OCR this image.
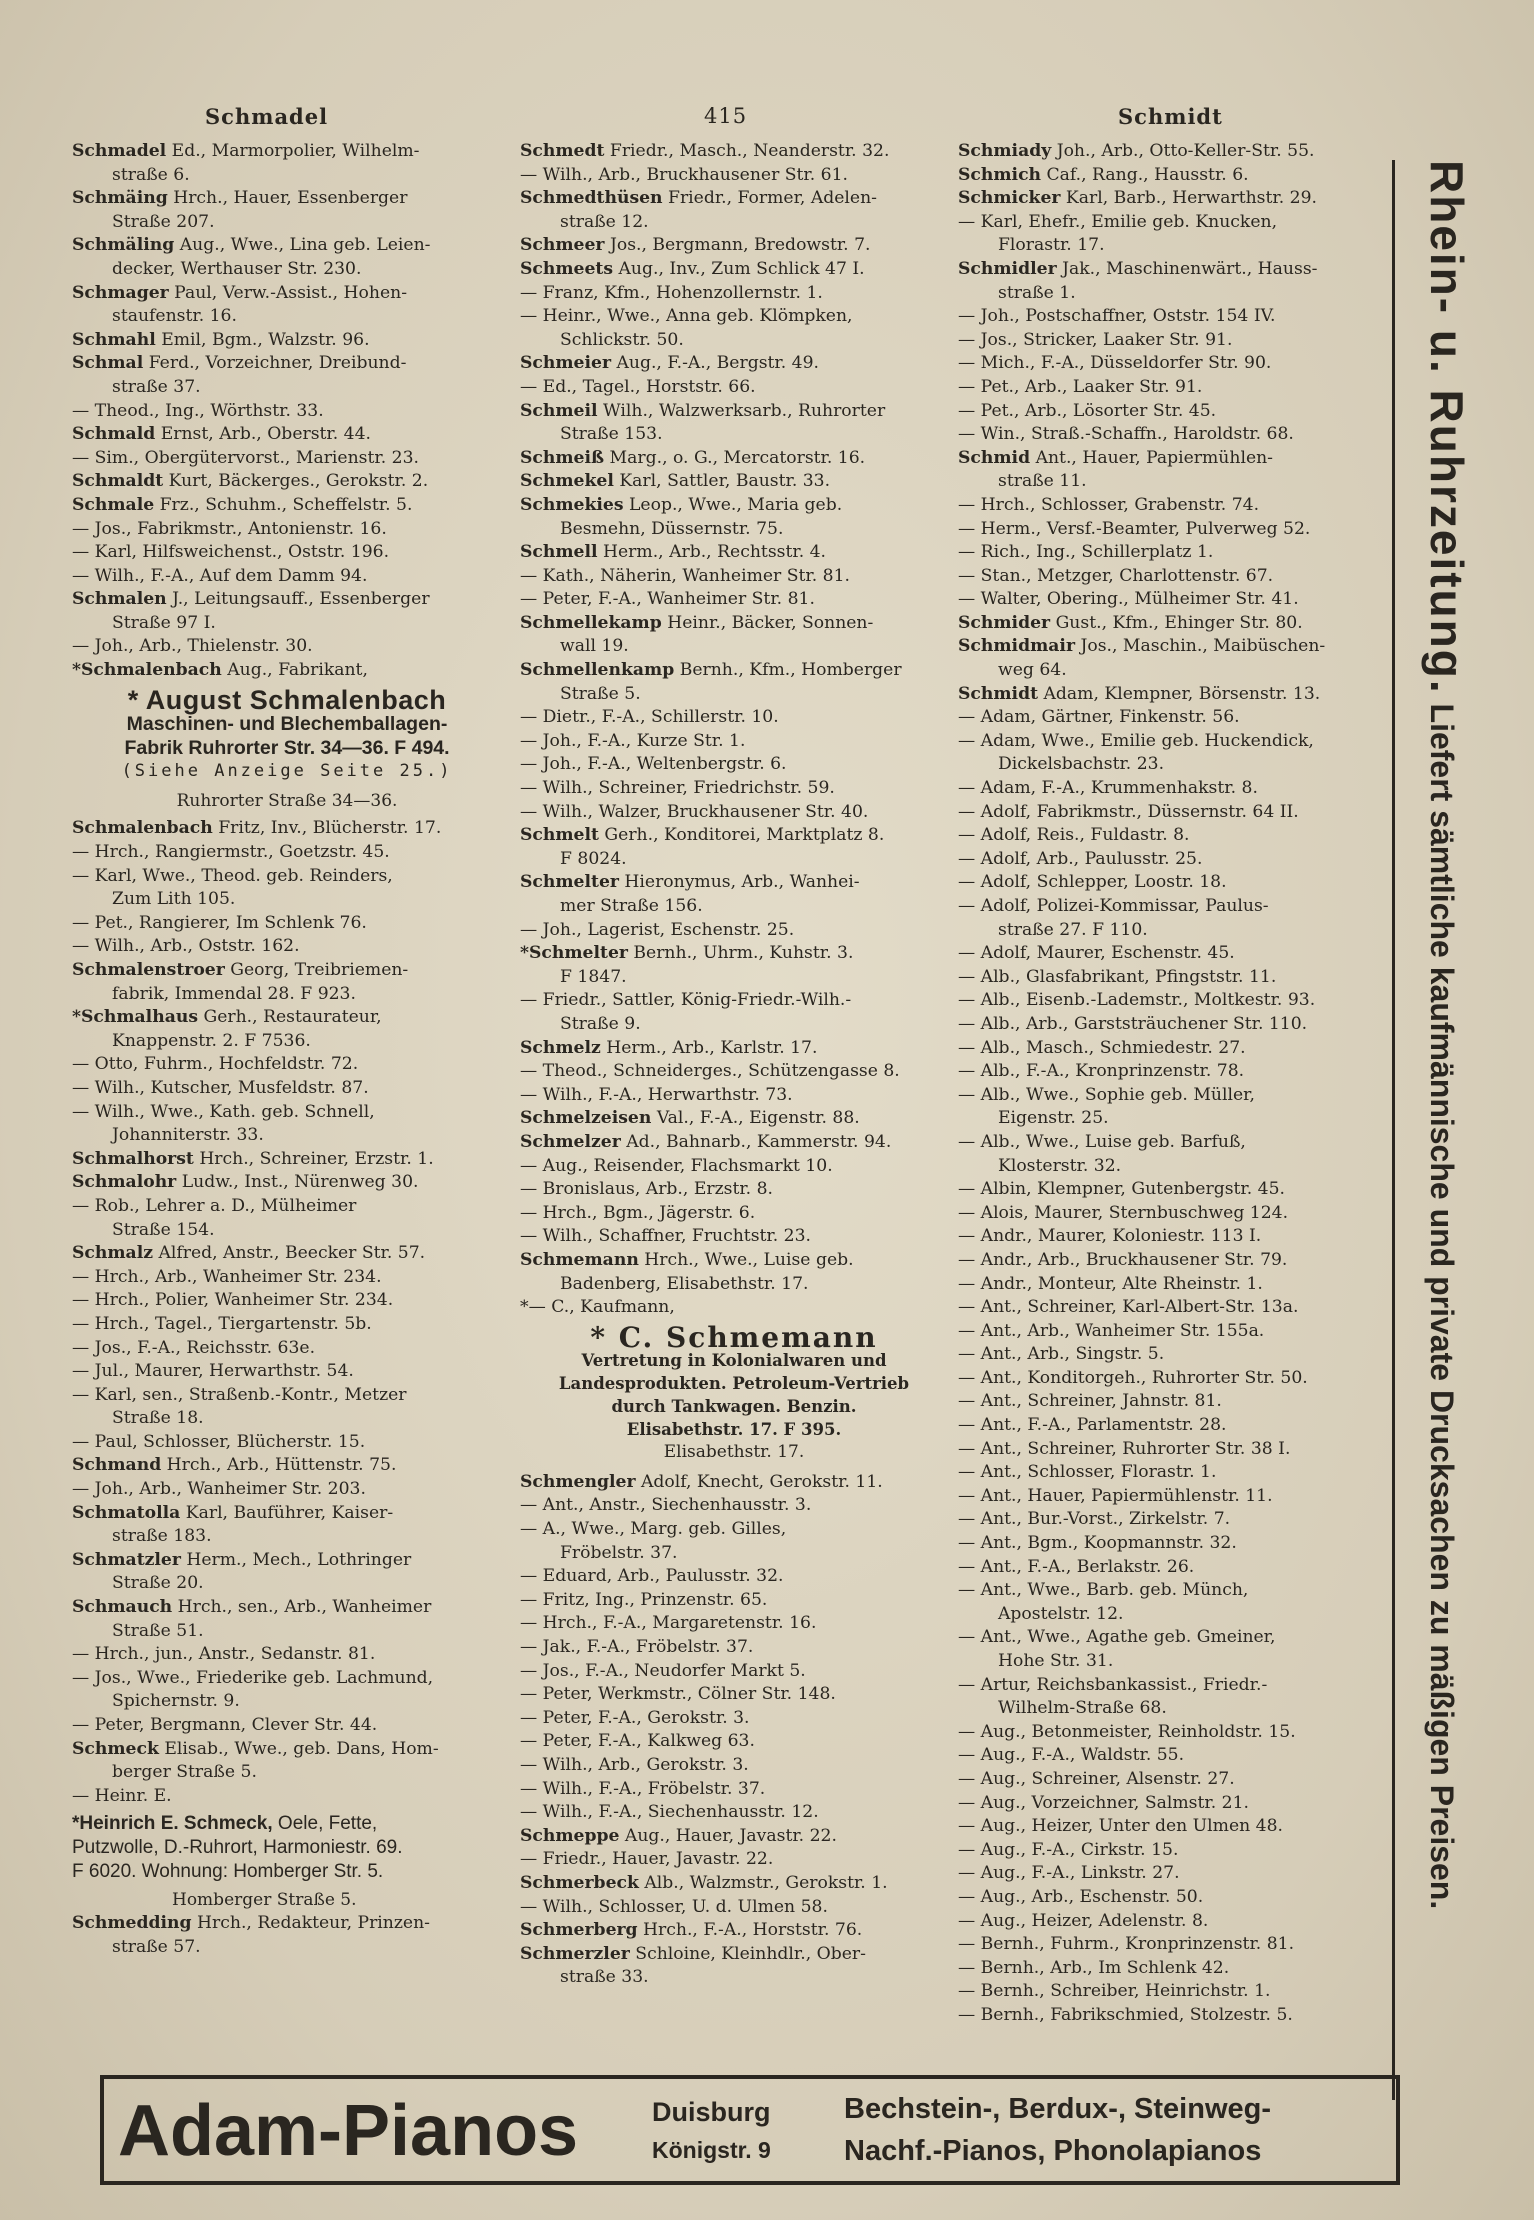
Schmadel	415	Schmidt

Schmadel Ed., Marmorpolier, Wilhelm-

straße 6.

Schmäing Hrch., Hauer, Essenberger

Straße 207.

Schmäling Aug., Wwe., Lina geb. Leien-

decker, Werthauser Str. 230.

Schmager Paul, Verw.-Assist., Hohen-

staufenstr. 16.

Schmahl Emil, Bgm., Walzstr. 96.

Schmal Ferd., Vorzeichner, Dreibund-

straße 37.

— Theod., Ing., Wörthstr. 33.

Schmald Ernst, Arb., Oberstr. 44.

— Sim., Obergütervorst., Marienstr. 23.

Schmaldt Kurt, Bäckerges., Gerokstr. 2.

Schmale Frz., Schuhm., Scheffelstr. 5.

— Jos., Fabrikmstr., Antonienstr. 16.

— Karl, Hilfsweichenst., Oststr. 196.

— Wilh., F.-A., Auf dem Damm 94.

Schmalen J., Leitungsauff., Essenberger

Straße 97 I.

— Joh., Arb., Thielenstr. 30.

*Schmalenbach Aug., Fabrikant,

* August Schmalenbach
Maschinen- und Blechemballagen-
Fabrik Ruhrorter Str. 34—36. F 494.
(Siehe Anzeige Seite 25.)
Ruhrorter Straße 34—36.

Schmalenbach Fritz, Inv., Blücherstr. 17.

— Hrch., Rangiermstr., Goetzstr. 45.

— Karl, Wwe., Theod. geb. Reinders,

Zum Lith 105.

— Pet., Rangierer, Im Schlenk 76.

— Wilh., Arb., Oststr. 162.

Schmalenstroer Georg, Treibriemen-

fabrik, Immendal 28. F 923.

*Schmalhaus Gerh., Restaurateur,

Knappenstr. 2. F 7536.

— Otto, Fuhrm., Hochfeldstr. 72.

— Wilh., Kutscher, Musfeldstr. 87.

— Wilh., Wwe., Kath. geb. Schnell,

Johanniterstr. 33.

Schmalhorst Hrch., Schreiner, Erzstr. 1.

Schmalohr Ludw., Inst., Nürenweg 30.

— Rob., Lehrer a. D., Mülheimer

Straße 154.

Schmalz Alfred, Anstr., Beecker Str. 57.

— Hrch., Arb., Wanheimer Str. 234.

— Hrch., Polier, Wanheimer Str. 234.

— Hrch., Tagel., Tiergartenstr. 5b.

— Jos., F.-A., Reichsstr. 63e.

— Jul., Maurer, Herwarthstr. 54.

— Karl, sen., Straßenb.-Kontr., Metzer

Straße 18.

— Paul, Schlosser, Blücherstr. 15.

Schmand Hrch., Arb., Hüttenstr. 75.

— Joh., Arb., Wanheimer Str. 203.

Schmatolla Karl, Bauführer, Kaiser-

straße 183.

Schmatzler Herm., Mech., Lothringer

Straße 20.

Schmauch Hrch., sen., Arb., Wanheimer

Straße 51.

— Hrch., jun., Anstr., Sedanstr. 81.

— Jos., Wwe., Friederike geb. Lachmund,

Spichernstr. 9.

— Peter, Bergmann, Clever Str. 44.

Schmeck Elisab., Wwe., geb. Dans, Hom-

berger Straße 5.

— Heinr. E.

*Heinrich E. Schmeck, Oele, Fette,
Putzwolle, D.-Ruhrort, Harmoniestr. 69.
F 6020. Wohnung: Homberger Str. 5.
Homberger Straße 5.

Schmedding Hrch., Redakteur, Prinzen-

straße 57.

Schmedt Friedr., Masch., Neanderstr. 32.

— Wilh., Arb., Bruckhausener Str. 61.

Schmedthüsen Friedr., Former, Adelen-

straße 12.

Schmeer Jos., Bergmann, Bredowstr. 7.

Schmeets Aug., Inv., Zum Schlick 47 I.

— Franz, Kfm., Hohenzollernstr. 1.

— Heinr., Wwe., Anna geb. Klömpken,

Schlickstr. 50.

Schmeier Aug., F.-A., Bergstr. 49.

— Ed., Tagel., Horststr. 66.

Schmeil Wilh., Walzwerksarb., Ruhrorter

Straße 153.

Schmeiß Marg., o. G., Mercatorstr. 16.

Schmekel Karl, Sattler, Baustr. 33.

Schmekies Leop., Wwe., Maria geb.

Besmehn, Düssernstr. 75.

Schmell Herm., Arb., Rechtsstr. 4.

— Kath., Näherin, Wanheimer Str. 81.

— Peter, F.-A., Wanheimer Str. 81.

Schmellekamp Heinr., Bäcker, Sonnen-

wall 19.

Schmellenkamp Bernh., Kfm., Homberger

Straße 5.

— Dietr., F.-A., Schillerstr. 10.

— Joh., F.-A., Kurze Str. 1.

— Joh., F.-A., Weltenbergstr. 6.

— Wilh., Schreiner, Friedrichstr. 59.

— Wilh., Walzer, Bruckhausener Str. 40.

Schmelt Gerh., Konditorei, Marktplatz 8.

F 8024.

Schmelter Hieronymus, Arb., Wanhei-

mer Straße 156.

— Joh., Lagerist, Eschenstr. 25.

*Schmelter Bernh., Uhrm., Kuhstr. 3.

F 1847.

— Friedr., Sattler, König-Friedr.-Wilh.-

Straße 9.

Schmelz Herm., Arb., Karlstr. 17.

— Theod., Schneiderges., Schützengasse 8.

— Wilh., F.-A., Herwarthstr. 73.

Schmelzeisen Val., F.-A., Eigenstr. 88.

Schmelzer Ad., Bahnarb., Kammerstr. 94.

— Aug., Reisender, Flachsmarkt 10.

— Bronislaus, Arb., Erzstr. 8.

— Hrch., Bgm., Jägerstr. 6.

— Wilh., Schaffner, Fruchtstr. 23.

Schmemann Hrch., Wwe., Luise geb.

Badenberg, Elisabethstr. 17.

*— C., Kaufmann,

* C. Schmemann
Vertretung in Kolonialwaren und
Landesprodukten. Petroleum-Vertrieb
durch Tankwagen. Benzin.
Elisabethstr. 17. F 395.
Elisabethstr. 17.

Schmengler Adolf, Knecht, Gerokstr. 11.

— Ant., Anstr., Siechenhausstr. 3.

— A., Wwe., Marg. geb. Gilles,

Fröbelstr. 37.

— Eduard, Arb., Paulusstr. 32.

— Fritz, Ing., Prinzenstr. 65.

— Hrch., F.-A., Margaretenstr. 16.

— Jak., F.-A., Fröbelstr. 37.

— Jos., F.-A., Neudorfer Markt 5.

— Peter, Werkmstr., Cölner Str. 148.

— Peter, F.-A., Gerokstr. 3.

— Peter, F.-A., Kalkweg 63.

— Wilh., Arb., Gerokstr. 3.

— Wilh., F.-A., Fröbelstr. 37.

— Wilh., F.-A., Siechenhausstr. 12.

Schmeppe Aug., Hauer, Javastr. 22.

— Friedr., Hauer, Javastr. 22.

Schmerbeck Alb., Walzmstr., Gerokstr. 1.

— Wilh., Schlosser, U. d. Ulmen 58.

Schmerberg Hrch., F.-A., Horststr. 76.

Schmerzler Schloine, Kleinhdlr., Ober-

straße 33.

Schmiady Joh., Arb., Otto-Keller-Str. 55.

Schmich Caf., Rang., Hausstr. 6.

Schmicker Karl, Barb., Herwarthstr. 29.

— Karl, Ehefr., Emilie geb. Knucken,

Florastr. 17.

Schmidler Jak., Maschinenwärt., Hauss-

straße 1.

— Joh., Postschaffner, Oststr. 154 IV.

— Jos., Stricker, Laaker Str. 91.

— Mich., F.-A., Düsseldorfer Str. 90.

— Pet., Arb., Laaker Str. 91.

— Pet., Arb., Lösorter Str. 45.

— Win., Straß.-Schaffn., Haroldstr. 68.

Schmid Ant., Hauer, Papiermühlen-

straße 11.

— Hrch., Schlosser, Grabenstr. 74.

— Herm., Versf.-Beamter, Pulverweg 52.

— Rich., Ing., Schillerplatz 1.

— Stan., Metzger, Charlottenstr. 67.

— Walter, Obering., Mülheimer Str. 41.

Schmider Gust., Kfm., Ehinger Str. 80.

Schmidmair Jos., Maschin., Maibüschen-

weg 64.

Schmidt Adam, Klempner, Börsenstr. 13.

— Adam, Gärtner, Finkenstr. 56.

— Adam, Wwe., Emilie geb. Huckendick,

Dickelsbachstr. 23.

— Adam, F.-A., Krummenhakstr. 8.

— Adolf, Fabrikmstr., Düssernstr. 64 II.

— Adolf, Reis., Fuldastr. 8.

— Adolf, Arb., Paulusstr. 25.

— Adolf, Schlepper, Loostr. 18.

— Adolf, Polizei-Kommissar, Paulus-

straße 27. F 110.

— Adolf, Maurer, Eschenstr. 45.

— Alb., Glasfabrikant, Pfingststr. 11.

— Alb., Eisenb.-Lademstr., Moltkestr. 93.

— Alb., Arb., Garststräuchener Str. 110.

— Alb., Masch., Schmiedestr. 27.

— Alb., F.-A., Kronprinzenstr. 78.

— Alb., Wwe., Sophie geb. Müller,

Eigenstr. 25.

— Alb., Wwe., Luise geb. Barfuß,

Klosterstr. 32.

— Albin, Klempner, Gutenbergstr. 45.

— Alois, Maurer, Sternbuschweg 124.

— Andr., Maurer, Koloniestr. 113 I.

— Andr., Arb., Bruckhausener Str. 79.

— Andr., Monteur, Alte Rheinstr. 1.

— Ant., Schreiner, Karl-Albert-Str. 13a.

— Ant., Arb., Wanheimer Str. 155a.

— Ant., Arb., Singstr. 5.

— Ant., Konditorgeh., Ruhrorter Str. 50.

— Ant., Schreiner, Jahnstr. 81.

— Ant., F.-A., Parlamentstr. 28.

— Ant., Schreiner, Ruhrorter Str. 38 I.

— Ant., Schlosser, Florastr. 1.

— Ant., Hauer, Papiermühlenstr. 11.

— Ant., Bur.-Vorst., Zirkelstr. 7.

— Ant., Bgm., Koopmannstr. 32.

— Ant., F.-A., Berlakstr. 26.

— Ant., Wwe., Barb. geb. Münch,

Apostelstr. 12.

— Ant., Wwe., Agathe geb. Gmeiner,

Hohe Str. 31.

— Artur, Reichsbankassist., Friedr.-

Wilhelm-Straße 68.

— Aug., Betonmeister, Reinholdstr. 15.

— Aug., F.-A., Waldstr. 55.

— Aug., Schreiner, Alsenstr. 27.

— Aug., Vorzeichner, Salmstr. 21.

— Aug., Heizer, Unter den Ulmen 48.

— Aug., F.-A., Cirkstr. 15.

— Aug., F.-A., Linkstr. 27.

— Aug., Arb., Eschenstr. 50.

— Aug., Heizer, Adelenstr. 8.

— Bernh., Fuhrm., Kronprinzenstr. 81.

— Bernh., Arb., Im Schlenk 42.

— Bernh., Schreiber, Heinrichstr. 1.

— Bernh., Fabrikschmied, Stolzestr. 5.

Rhein- u. Ruhrzeitung. Liefert sämtliche kaufmännische und private Drucksachen zu mäßigen Preisen.
Adam-Pianos	Duisburg
Königstr. 9
Bechstein-, Berdux-, Steinweg-
Nachf.-Pianos, Phonolapianos
